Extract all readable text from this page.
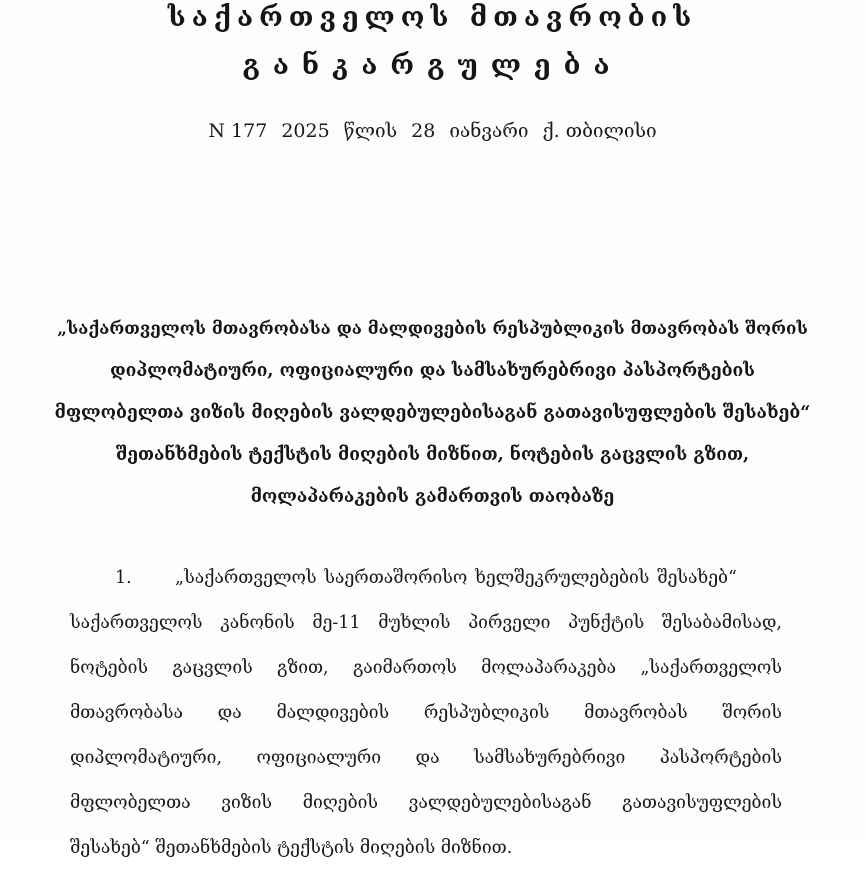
საქართველოს მთავრობის
განკარგულება
N 177 2025 წლის 28 იანვარი ქ. თბილისი
„საქართველოს მთავრობასა და მალდივების რესპუბლიკის მთავრობას შორის
დიპლომატიური, ოფიციალური და სამსახურებრივი პასპორტების
მფლობელთა ვიზის მიღების ვალდებულებისაგან გათავისუფლების შესახებ“
შეთანხმების ტექსტის მიღების მიზნით, ნოტების გაცვლის გზით,
მოლაპარაკების გამართვის თაობაზე
1. „საქართველოს საერთაშორისო ხელშეკრულებების შესახებ“
საქართველოს კანონის მე-11 მუხლის პირველი პუნქტის შესაბამისად,
ნოტების გაცვლის გზით, გაიმართოს მოლაპარაკება „საქართველოს
მთავრობასა და მალდივების რესპუბლიკის მთავრობას შორის
დიპლომატიური, ოფიციალური და სამსახურებრივი პასპორტების
მფლობელთა ვიზის მიღების ვალდებულებისაგან გათავისუფლების
შესახებ“ შეთანხმების ტექსტის მიღების მიზნით.
